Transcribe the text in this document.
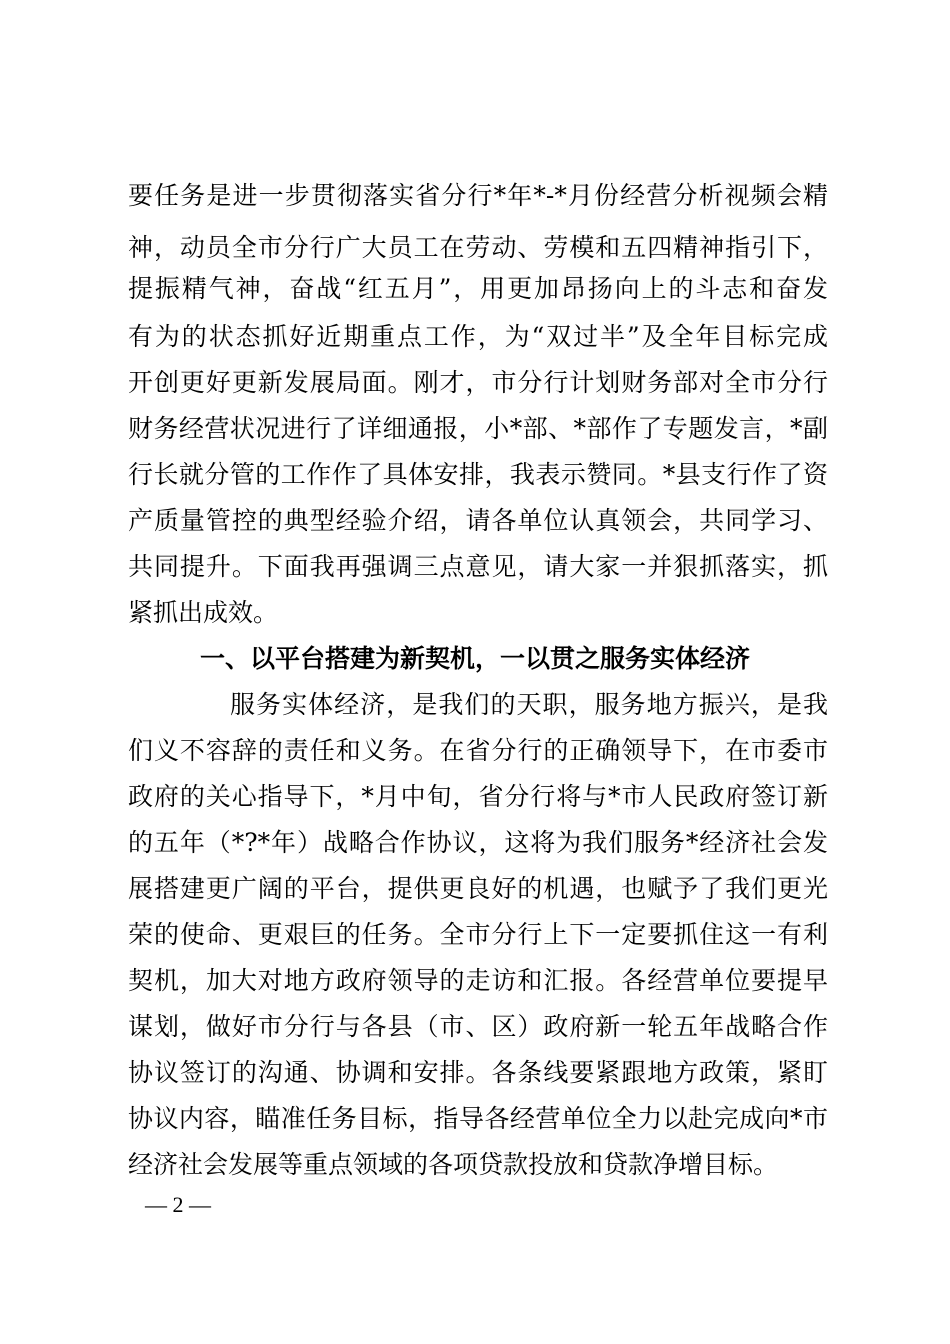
要任务是进一步贯彻落实省分行*年*-*月份经营分析视频会精
神，动员全市分行广大员工在劳动、劳模和五四精神指引下，
提振精气神，奋战“红五月”，用更加昂扬向上的斗志和奋发
有为的状态抓好近期重点工作，为“双过半”及全年目标完成
开创更好更新发展局面。刚才，市分行计划财务部对全市分行
财务经营状况进行了详细通报，小*部、*部作了专题发言，*副
行长就分管的工作作了具体安排，我表示赞同。*县支行作了资
产质量管控的典型经验介绍，请各单位认真领会，共同学习、
共同提升。下面我再强调三点意见，请大家一并狠抓落实，抓
紧抓出成效。
一、以平台搭建为新契机，一以贯之服务实体经济
服务实体经济，是我们的天职，服务地方振兴，是我
们义不容辞的责任和义务。在省分行的正确领导下，在市委市
政府的关心指导下，*月中旬，省分行将与*市人民政府签订新
的五年（*?*年）战略合作协议，这将为我们服务*经济社会发
展搭建更广阔的平台，提供更良好的机遇，也赋予了我们更光
荣的使命、更艰巨的任务。全市分行上下一定要抓住这一有利
契机，加大对地方政府领导的走访和汇报。各经营单位要提早
谋划，做好市分行与各县（市、区）政府新一轮五年战略合作
协议签订的沟通、协调和安排。各条线要紧跟地方政策，紧盯
协议内容，瞄准任务目标，指导各经营单位全力以赴完成向*市
经济社会发展等重点领域的各项贷款投放和贷款净增目标。
— 2 —
